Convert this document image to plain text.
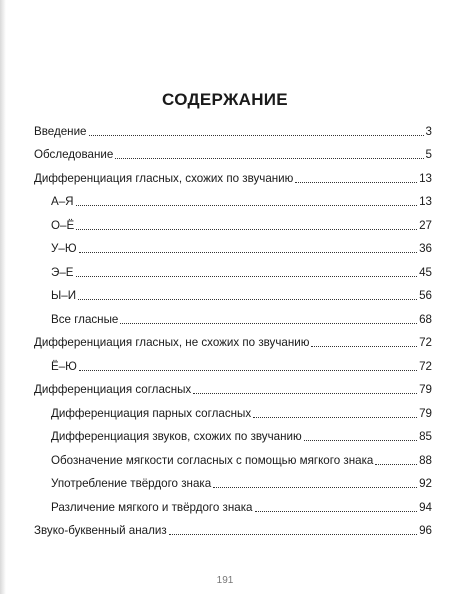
СОДЕРЖАНИЕ
Введение	3
Обследование	5
Дифференциация гласных, схожих по звучанию	13
А–Я	13
О–Ё	27
У–Ю	36
Э–Е	45
Ы–И	56
Все гласные	68
Дифференциация гласных, не схожих по звучанию	72
Ё–Ю	72
Дифференциация согласных	79
Дифференциация парных согласных	79
Дифференциация звуков, схожих по звучанию	85
Обозначение мягкости согласных с помощью мягкого знака	88
Употребление твёрдого знака	92
Различение мягкого и твёрдого знака	94
Звуко-буквенный анализ	96
191
